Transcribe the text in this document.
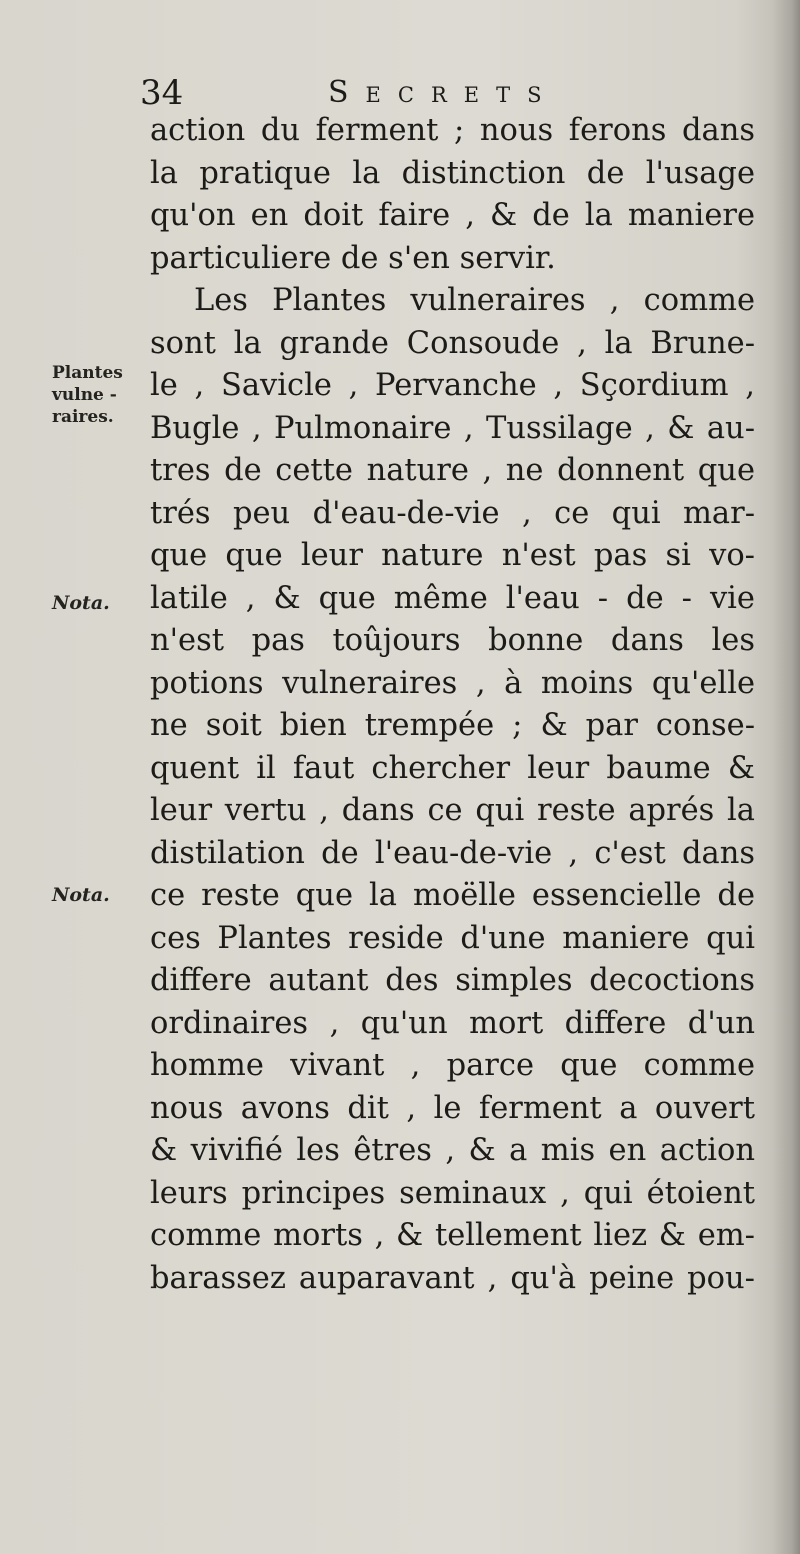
34	Secrets
Plantes
vulne -
raires.
Nota.
Nota.
action du ferment ; nous ferons dans
la pratique la distinction de l'usage
qu'on en doit faire , & de la maniere
particuliere de s'en servir.
Les Plantes vulneraires , comme
sont la grande Consoude , la Brune-
le , Savicle , Pervanche , Sçordium ,
Bugle , Pulmonaire , Tussilage , & au-
tres de cette nature , ne donnent que
trés peu d'eau-de-vie , ce qui mar-
que que leur nature n'est pas si vo-
latile , & que même l'eau - de - vie
n'est pas toûjours bonne dans les
potions vulneraires , à moins qu'elle
ne soit bien trempée ; & par conse-
quent il faut chercher leur baume &
leur vertu , dans ce qui reste aprés la
distilation de l'eau-de-vie , c'est dans
ce reste que la moëlle essencielle de
ces Plantes reside d'une maniere qui
differe autant des simples decoctions
ordinaires , qu'un mort differe d'un
homme vivant , parce que comme
nous avons dit , le ferment a ouvert
& vivifié les êtres , & a mis en action
leurs principes seminaux , qui étoient
comme morts , & tellement liez & em-
barassez auparavant , qu'à peine pou-
